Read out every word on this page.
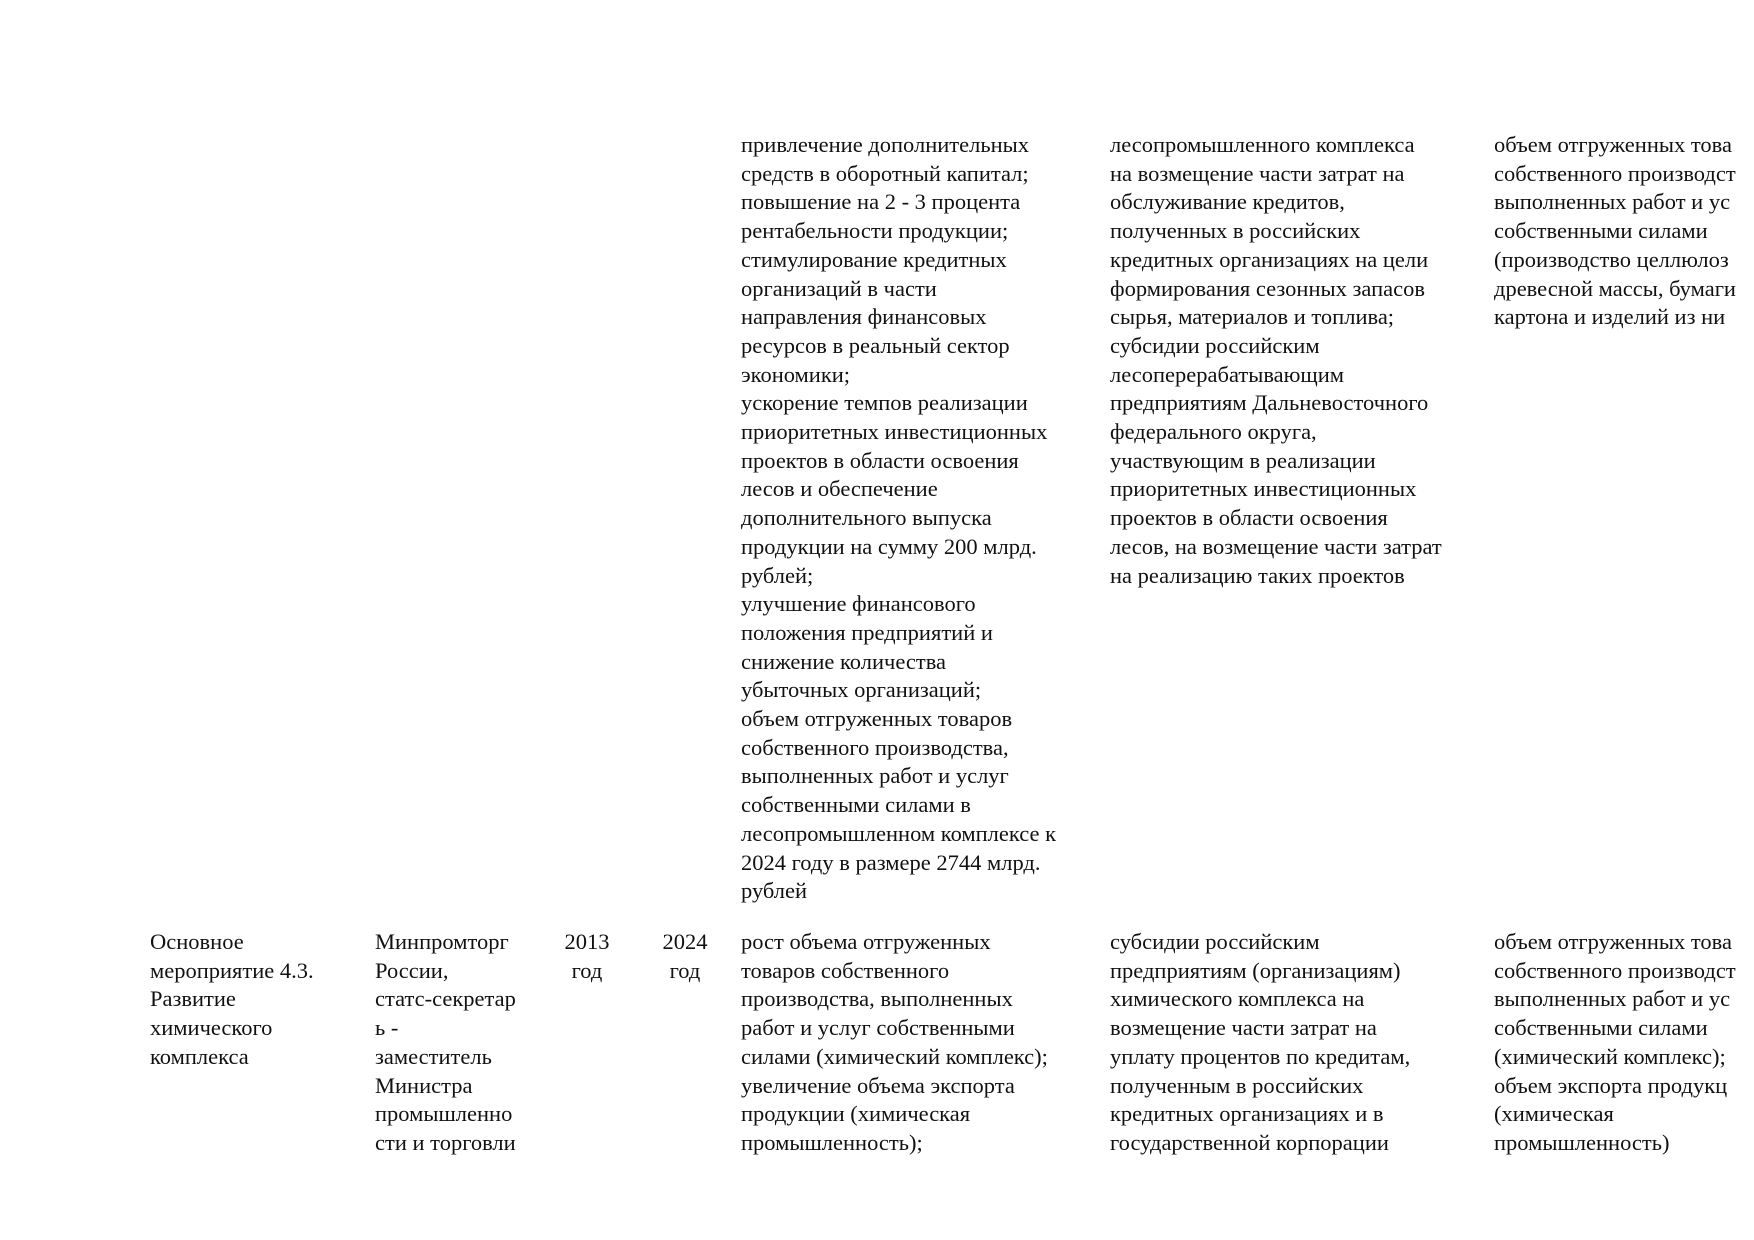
привлечение дополнительных
средств в оборотный капитал;
повышение на 2 - 3 процента
рентабельности продукции;
стимулирование кредитных
организаций в части
направления финансовых
ресурсов в реальный сектор
экономики;
ускорение темпов реализации
приоритетных инвестиционных
проектов в области освоения
лесов и обеспечение
дополнительного выпуска
продукции на сумму 200 млрд.
рублей;
улучшение финансового
положения предприятий и
снижение количества
убыточных организаций;
объем отгруженных товаров
собственного производства,
выполненных работ и услуг
собственными силами в
лесопромышленном комплексе к
2024 году в размере 2744 млрд.
рублей
лесопромышленного комплекса
на возмещение части затрат на
обслуживание кредитов,
полученных в российских
кредитных организациях на цели
формирования сезонных запасов
сырья, материалов и топлива;
субсидии российским
лесоперерабатывающим
предприятиям Дальневосточного
федерального округа,
участвующим в реализации
приоритетных инвестиционных
проектов в области освоения
лесов, на возмещение части затрат
на реализацию таких проектов
объем отгруженных това
собственного производст
выполненных работ и ус
собственными силами
(производство целлюлоз
древесной массы, бумаги
картона и изделий из ни
Основное
мероприятие 4.3.
Развитие
химического
комплекса
Минпромторг
России,
статс-секретар
ь -
заместитель
Министра
промышленно
сти и торговли
2013
год
2024
год
рост объема отгруженных
товаров собственного
производства, выполненных
работ и услуг собственными
силами (химический комплекс);
увеличение объема экспорта
продукции (химическая
промышленность);
субсидии российским
предприятиям (организациям)
химического комплекса на
возмещение части затрат на
уплату процентов по кредитам,
полученным в российских
кредитных организациях и в
государственной корпорации
объем отгруженных това
собственного производст
выполненных работ и ус
собственными силами
(химический комплекс);
объем экспорта продукц
(химическая
промышленность)
